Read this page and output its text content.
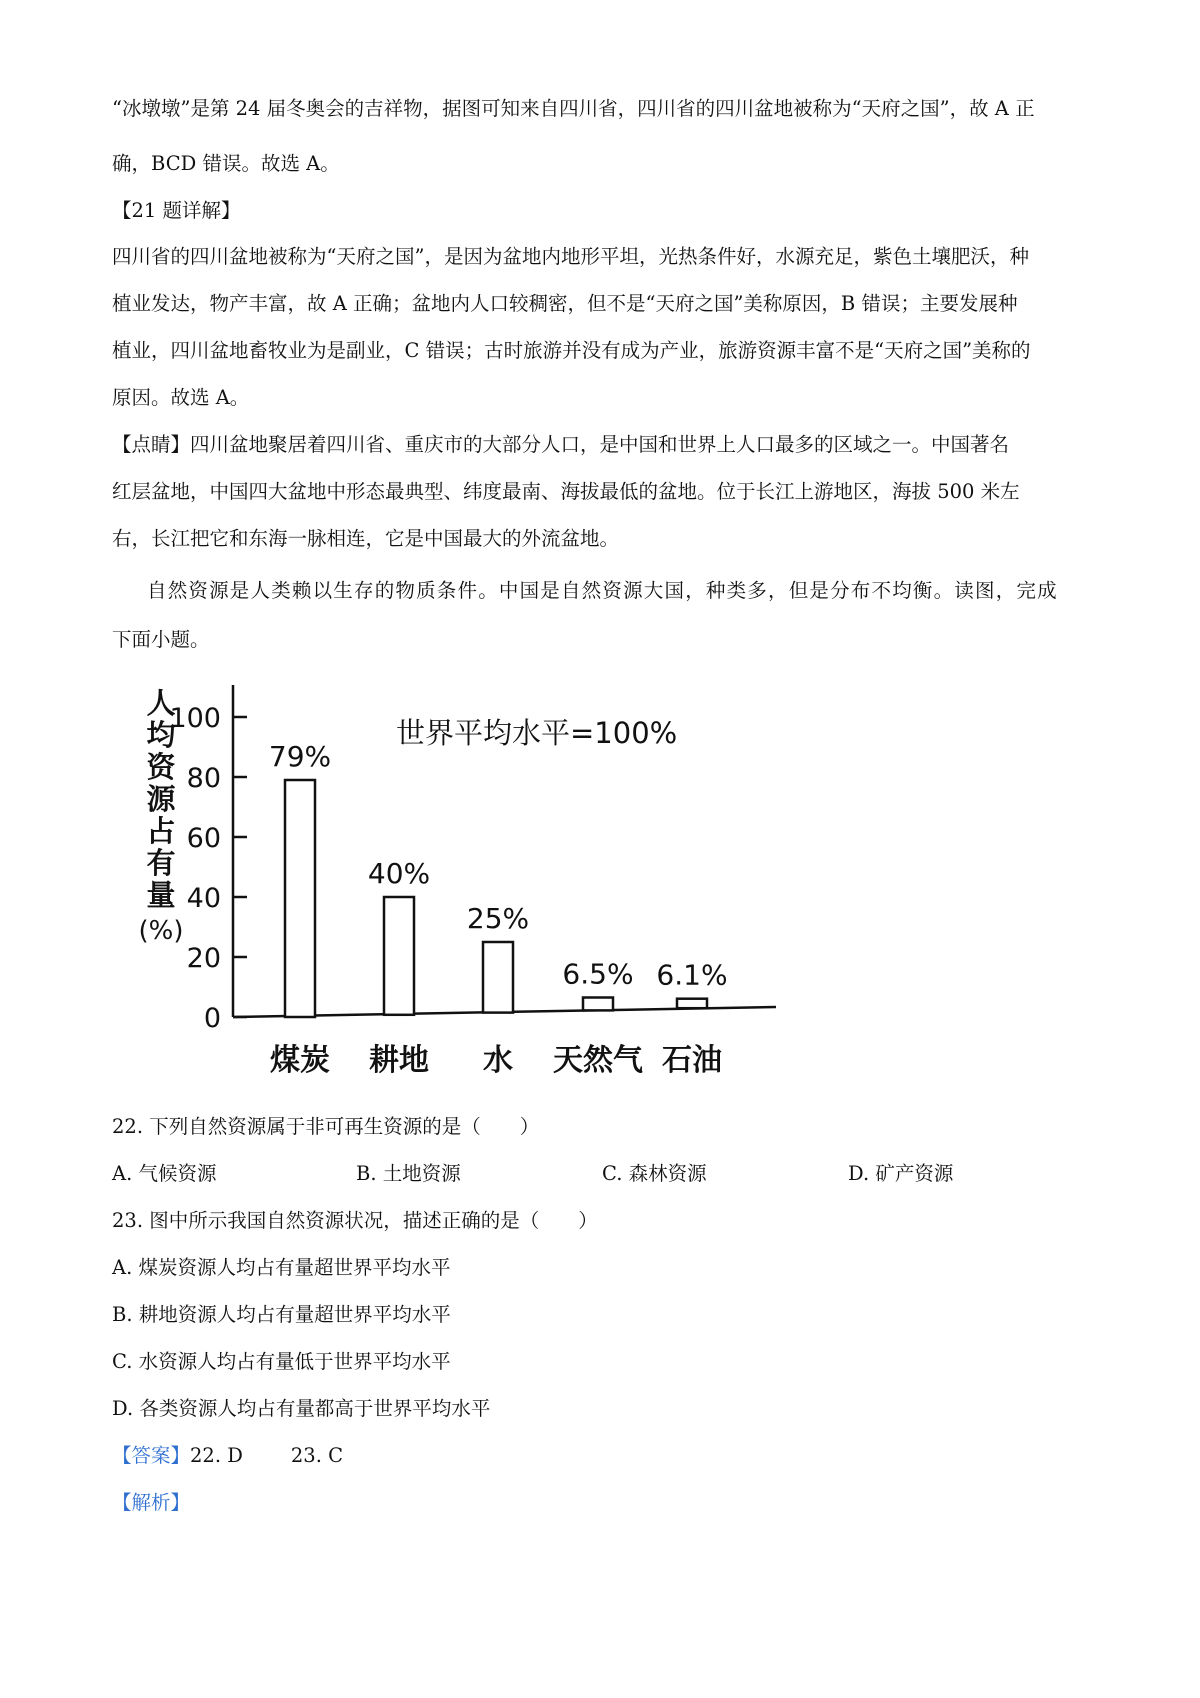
“冰墩墩”是第 24 届冬奥会的吉祥物，据图可知来自四川省，四川省的四川盆地被称为“天府之国”，故 A 正
确，BCD 错误。故选 A。
【21 题详解】
四川省的四川盆地被称为“天府之国”，是因为盆地内地形平坦，光热条件好，水源充足，紫色土壤肥沃，种
植业发达，物产丰富，故 A 正确；盆地内人口较稠密，但不是“天府之国”美称原因，B 错误；主要发展种
植业，四川盆地畜牧业为是副业，C 错误；古时旅游并没有成为产业，旅游资源丰富不是“天府之国”美称的
原因。故选 A。
【点睛】四川盆地聚居着四川省、重庆市的大部分人口，是中国和世界上人口最多的区域之一。中国著名
红层盆地，中国四大盆地中形态最典型、纬度最南、海拔最低的盆地。位于长江上游地区，海拔 500 米左
右，长江把它和东海一脉相连，它是中国最大的外流盆地。
自然资源是人类赖以生存的物质条件。中国是自然资源大国，种类多，但是分布不均衡。读图，完成
下面小题。
0
20
40
60
80
100
人
均
资
源
占
有
量
(%)
世界平均水平=100%
79%
煤炭
40%
耕地
25%
水
6.5%
天然气
6.1%
石油
22. 下列自然资源属于非可再生资源的是（　　）
A. 气候资源	B. 土地资源	C. 森林资源	D. 矿产资源
23. 图中所示我国自然资源状况，描述正确的是（　　）
A. 煤炭资源人均占有量超世界平均水平
B. 耕地资源人均占有量超世界平均水平
C. 水资源人均占有量低于世界平均水平
D. 各类资源人均占有量都高于世界平均水平
【答案】22. D 23. C
【解析】
